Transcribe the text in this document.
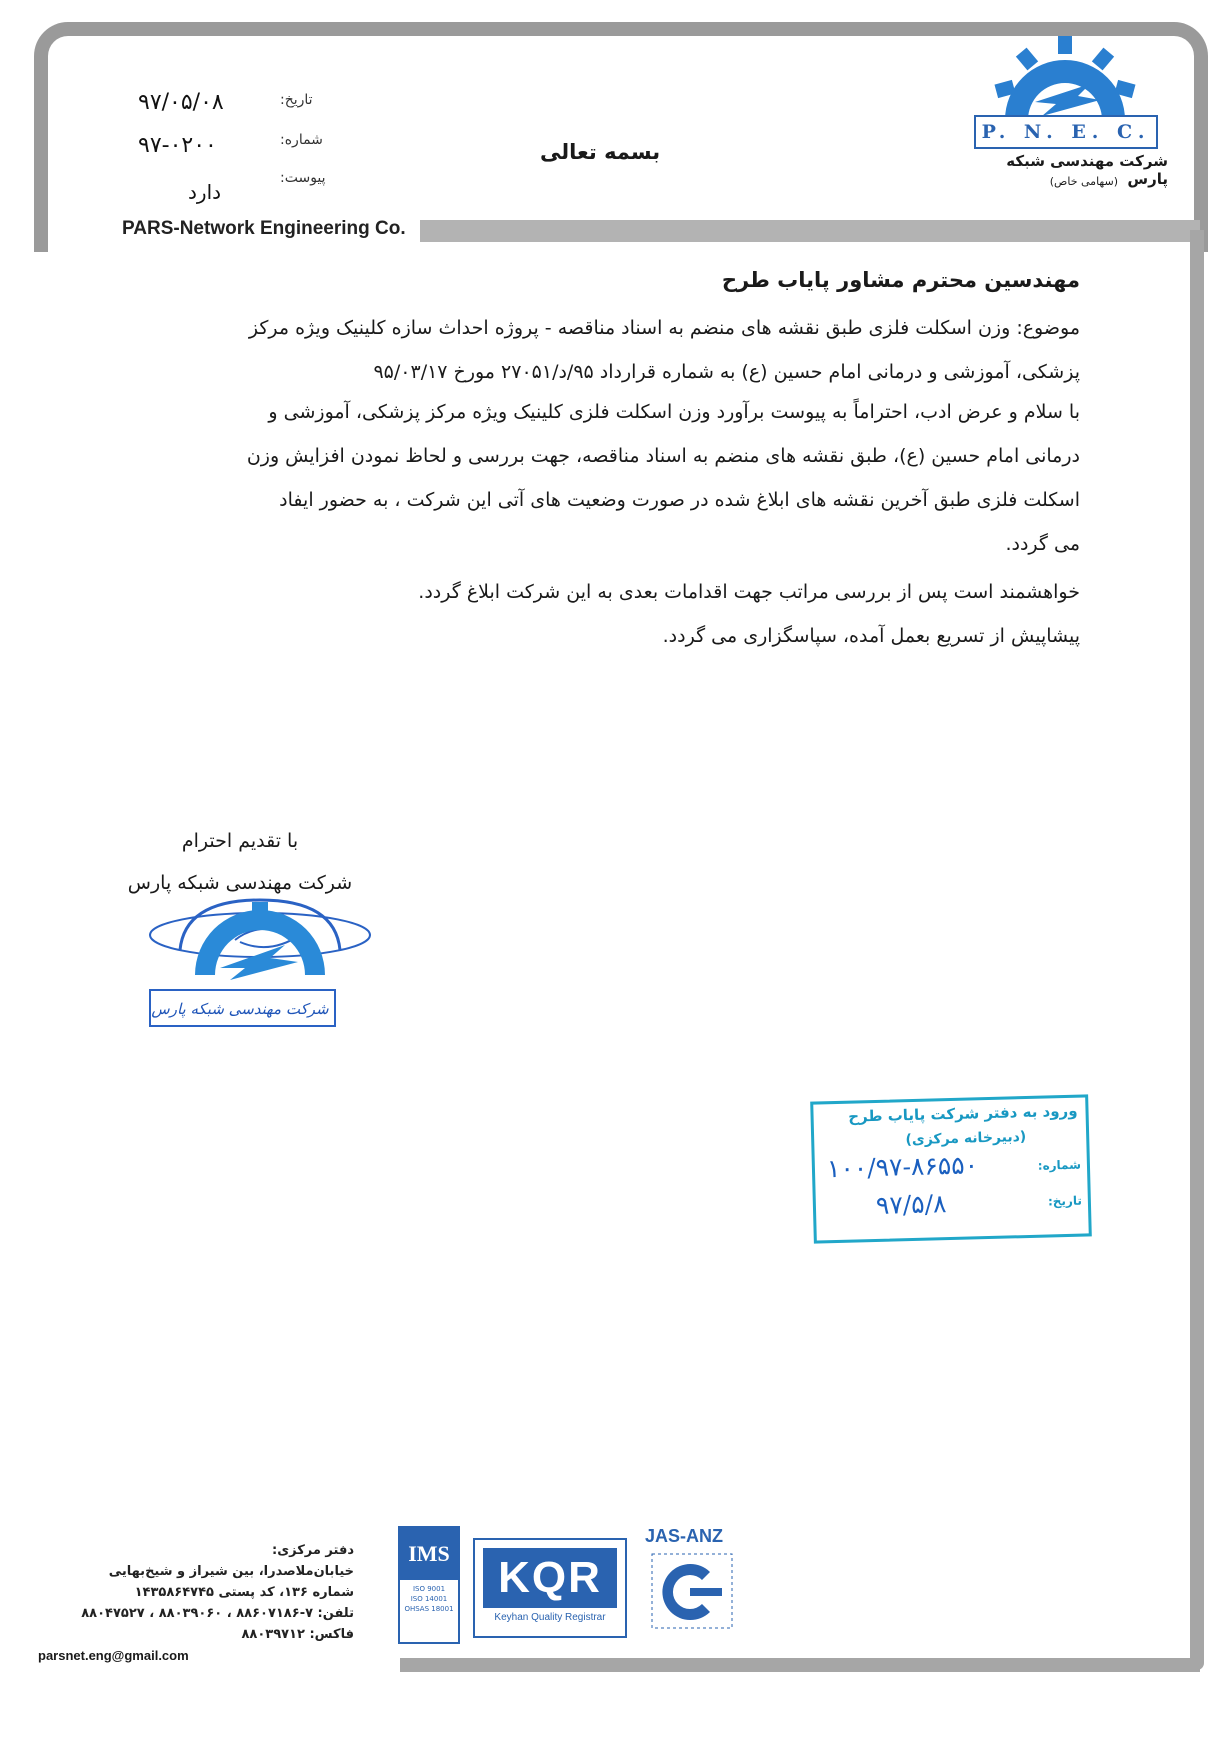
تاریخ:
۹۷/۰۵/۰۸
شماره:
۹۷-۰۲۰۰
پیوست:
دارد
بسمه تعالی
PARS-Network Engineering Co.
P. N. E. C.
شرکت مهندسی شبکه پارس
(سهامی خاص)
مهندسین محترم مشاور پایاب طرح
موضوع: وزن اسکلت فلزی طبق نقشه های منضم به اسناد مناقصه - پروژه احداث سازه کلینیک ویژه مرکز
پزشکی، آموزشی و درمانی امام حسین (ع) به شماره قرارداد ۹۵/د/۲۷۰۵۱ مورخ ۹۵/۰۳/۱۷
با سلام و عرض ادب، احتراماً به پیوست برآورد وزن اسکلت فلزی کلینیک ویژه مرکز پزشکی، آموزشی و
درمانی امام حسین (ع)، طبق نقشه های منضم به اسناد مناقصه، جهت بررسی و لحاظ نمودن افزایش وزن
اسکلت فلزی طبق آخرین نقشه های ابلاغ شده در صورت وضعیت های آتی این شرکت ، به حضور ایفاد
می گردد.
خواهشمند است پس از بررسی مراتب جهت اقدامات بعدی به این شرکت ابلاغ گردد.
پیشاپیش از تسریع بعمل آمده، سپاسگزاری می گردد.
با تقدیم احترام
شرکت مهندسی شبکه پارس
شرکت مهندسی شبکه پارس
ورود به دفتر شرکت پایاب طرح
(دبیرخانه مرکزی)
شماره:
۱۰۰/۹۷-۸۶۵۵۰
تاریخ:
۹۷/۵/۸
دفتر مرکزی:
خیابان‌ملاصدرا، بین شیراز و شیخ‌بهایی
شماره ۱۳۶، کد پستی ۱۴۳۵۸۶۴۷۴۵
تلفن: ۷-۸۸۶۰۷۱۸۶ ، ۸۸۰۳۹۰۶۰ ، ۸۸۰۴۷۵۲۷
فاکس: ۸۸۰۳۹۷۱۲
parsnet.eng@gmail.com
IMS
ISO 9001
ISO 14001
OHSAS 18001
KQR
Keyhan Quality Registrar
JAS-ANZ
